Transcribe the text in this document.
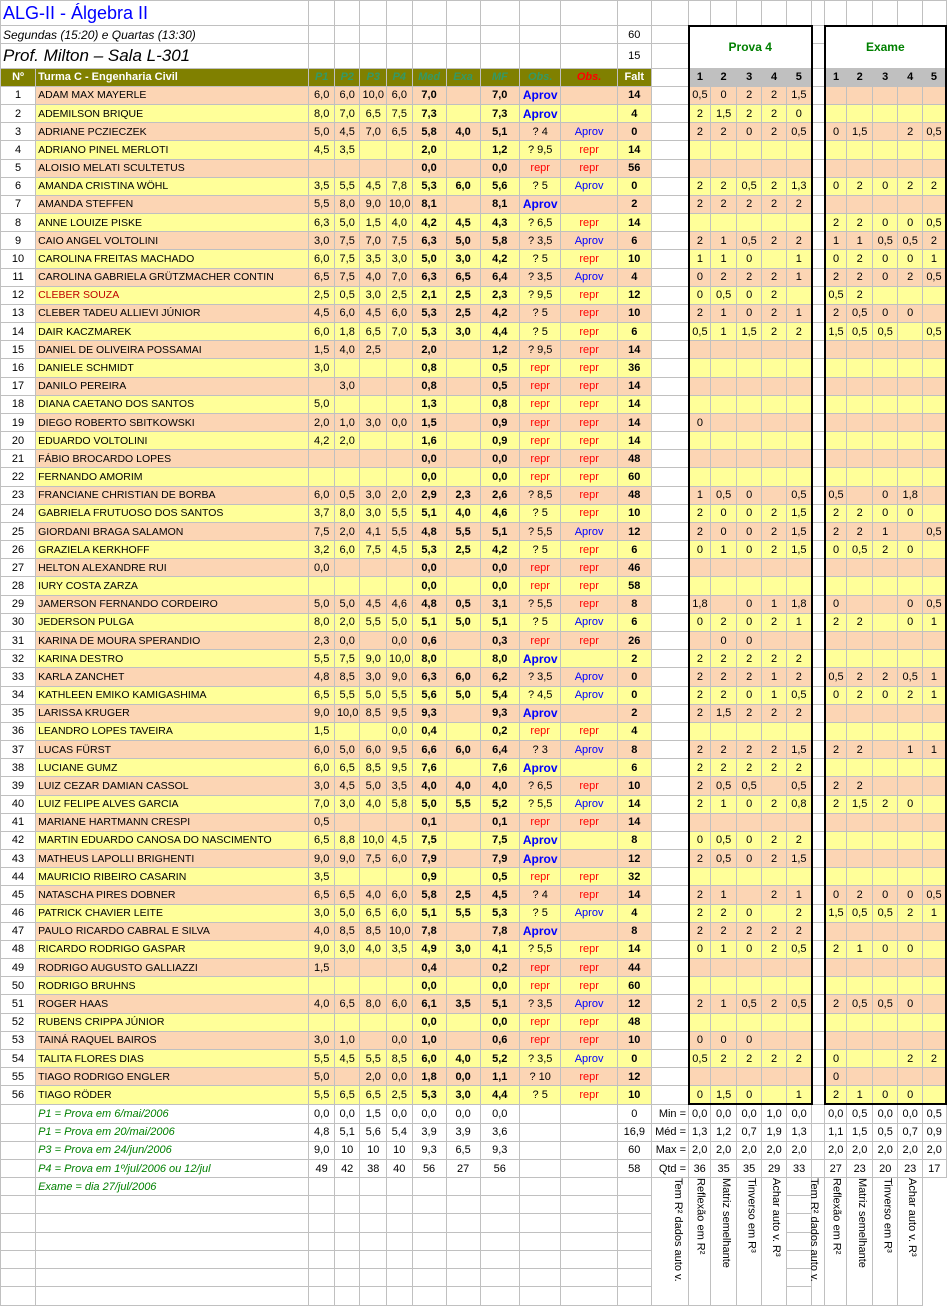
ALG-II - Álgebra II																							
Segundas (15:20) e Quartas (13:30)											60		Prova 4						Exame				
Prof. Milton – Sala L-301											15												
Nº	Turma C - Engenharia Civil	P1	P2	P3	P4	Med	Exa	MF	Obs.	Obs.	Falt		1	2	3	4	5		1	2	3	4	5
1	ADAM MAX MAYERLE	6,0	6,0	10,0	6,0	7,0		7,0	Aprov		14		0,5	0	2	2	1,5						
2	ADEMILSON BRIQUE	8,0	7,0	6,5	7,5	7,3		7,3	Aprov		4		2	1,5	2	2	0						
3	ADRIANE PCZIECZEK	5,0	4,5	7,0	6,5	5,8	4,0	5,1	? 4	Aprov	0		2	2	0	2	0,5		0	1,5		2	0,5
4	ADRIANO PINEL MERLOTI	4,5	3,5			2,0		1,2	? 9,5	repr	14												
5	ALOISIO MELATI SCULTETUS					0,0		0,0	repr	repr	56												
6	AMANDA CRISTINA WÖHL	3,5	5,5	4,5	7,8	5,3	6,0	5,6	? 5	Aprov	0		2	2	0,5	2	1,3		0	2	0	2	2
7	AMANDA STEFFEN	5,5	8,0	9,0	10,0	8,1		8,1	Aprov		2		2	2	2	2	2						
8	ANNE LOUIZE PISKE	6,3	5,0	1,5	4,0	4,2	4,5	4,3	? 6,5	repr	14								2	2	0	0	0,5
9	CAIO ANGEL VOLTOLINI	3,0	7,5	7,0	7,5	6,3	5,0	5,8	? 3,5	Aprov	6		2	1	0,5	2	2		1	1	0,5	0,5	2
10	CAROLINA FREITAS MACHADO	6,0	7,5	3,5	3,0	5,0	3,0	4,2	? 5	repr	10		1	1	0		1		0	2	0	0	1
11	CAROLINA GABRIELA GRÜTZMACHER CONTIN	6,5	7,5	4,0	7,0	6,3	6,5	6,4	? 3,5	Aprov	4		0	2	2	2	1		2	2	0	2	0,5
12	CLEBER SOUZA	2,5	0,5	3,0	2,5	2,1	2,5	2,3	? 9,5	repr	12		0	0,5	0	2			0,5	2			
13	CLEBER TADEU ALLIEVI JÚNIOR	4,5	6,0	4,5	6,0	5,3	2,5	4,2	? 5	repr	10		2	1	0	2	1		2	0,5	0	0	
14	DAIR KACZMAREK	6,0	1,8	6,5	7,0	5,3	3,0	4,4	? 5	repr	6		0,5	1	1,5	2	2		1,5	0,5	0,5		0,5
15	DANIEL DE OLIVEIRA POSSAMAI	1,5	4,0	2,5		2,0		1,2	? 9,5	repr	14												
16	DANIELE SCHMIDT	3,0				0,8		0,5	repr	repr	36												
17	DANILO PEREIRA		3,0			0,8		0,5	repr	repr	14												
18	DIANA CAETANO DOS SANTOS	5,0				1,3		0,8	repr	repr	14												
19	DIEGO ROBERTO SBITKOWSKI	2,0	1,0	3,0	0,0	1,5		0,9	repr	repr	14		0										
20	EDUARDO VOLTOLINI	4,2	2,0			1,6		0,9	repr	repr	14												
21	FÁBIO BROCARDO LOPES					0,0		0,0	repr	repr	48												
22	FERNANDO AMORIM					0,0		0,0	repr	repr	60												
23	FRANCIANE CHRISTIAN DE BORBA	6,0	0,5	3,0	2,0	2,9	2,3	2,6	? 8,5	repr	48		1	0,5	0		0,5		0,5		0	1,8	
24	GABRIELA FRUTUOSO DOS SANTOS	3,7	8,0	3,0	5,5	5,1	4,0	4,6	? 5	repr	10		2	0	0	2	1,5		2	2	0	0	
25	GIORDANI BRAGA SALAMON	7,5	2,0	4,1	5,5	4,8	5,5	5,1	? 5,5	Aprov	12		2	0	0	2	1,5		2	2	1		0,5
26	GRAZIELA KERKHOFF	3,2	6,0	7,5	4,5	5,3	2,5	4,2	? 5	repr	6		0	1	0	2	1,5		0	0,5	2	0	
27	HELTON ALEXANDRE RUI	0,0				0,0		0,0	repr	repr	46												
28	IURY COSTA ZARZA					0,0		0,0	repr	repr	58												
29	JAMERSON FERNANDO CORDEIRO	5,0	5,0	4,5	4,6	4,8	0,5	3,1	? 5,5	repr	8		1,8		0	1	1,8		0			0	0,5
30	JEDERSON PULGA	8,0	2,0	5,5	5,0	5,1	5,0	5,1	? 5	Aprov	6		0	2	0	2	1		2	2		0	1
31	KARINA DE MOURA SPERANDIO	2,3	0,0		0,0	0,6		0,3	repr	repr	26			0	0								
32	KARINA DESTRO	5,5	7,5	9,0	10,0	8,0		8,0	Aprov		2		2	2	2	2	2						
33	KARLA ZANCHET	4,8	8,5	3,0	9,0	6,3	6,0	6,2	? 3,5	Aprov	0		2	2	2	1	2		0,5	2	2	0,5	1
34	KATHLEEN EMIKO KAMIGASHIMA	6,5	5,5	5,0	5,5	5,6	5,0	5,4	? 4,5	Aprov	0		2	2	0	1	0,5		0	2	0	2	1
35	LARISSA KRUGER	9,0	10,0	8,5	9,5	9,3		9,3	Aprov		2		2	1,5	2	2	2						
36	LEANDRO LOPES TAVEIRA	1,5			0,0	0,4		0,2	repr	repr	4												
37	LUCAS FÜRST	6,0	5,0	6,0	9,5	6,6	6,0	6,4	? 3	Aprov	8		2	2	2	2	1,5		2	2		1	1
38	LUCIANE GUMZ	6,0	6,5	8,5	9,5	7,6		7,6	Aprov		6		2	2	2	2	2						
39	LUIZ CEZAR DAMIAN CASSOL	3,0	4,5	5,0	3,5	4,0	4,0	4,0	? 6,5	repr	10		2	0,5	0,5		0,5		2	2			
40	LUIZ FELIPE ALVES GARCIA	7,0	3,0	4,0	5,8	5,0	5,5	5,2	? 5,5	Aprov	14		2	1	0	2	0,8		2	1,5	2	0	
41	MARIANE HARTMANN CRESPI	0,5				0,1		0,1	repr	repr	14												
42	MARTIN EDUARDO CANOSA DO NASCIMENTO	6,5	8,8	10,0	4,5	7,5		7,5	Aprov		8		0	0,5	0	2	2						
43	MATHEUS LAPOLLI BRIGHENTI	9,0	9,0	7,5	6,0	7,9		7,9	Aprov		12		2	0,5	0	2	1,5						
44	MAURICIO RIBEIRO CASARIN	3,5				0,9		0,5	repr	repr	32												
45	NATASCHA PIRES DOBNER	6,5	6,5	4,0	6,0	5,8	2,5	4,5	? 4	repr	14		2	1		2	1		0	2	0	0	0,5
46	PATRICK CHAVIER LEITE	3,0	5,0	6,5	6,0	5,1	5,5	5,3	? 5	Aprov	4		2	2	0		2		1,5	0,5	0,5	2	1
47	PAULO RICARDO CABRAL E SILVA	4,0	8,5	8,5	10,0	7,8		7,8	Aprov		8		2	2	2	2	2						
48	RICARDO RODRIGO GASPAR	9,0	3,0	4,0	3,5	4,9	3,0	4,1	? 5,5	repr	14		0	1	0	2	0,5		2	1	0	0	
49	RODRIGO AUGUSTO GALLIAZZI	1,5				0,4		0,2	repr	repr	44												
50	RODRIGO BRUHNS					0,0		0,0	repr	repr	60												
51	ROGER HAAS	4,0	6,5	8,0	6,0	6,1	3,5	5,1	? 3,5	Aprov	12		2	1	0,5	2	0,5		2	0,5	0,5	0	
52	RUBENS CRIPPA JÚNIOR					0,0		0,0	repr	repr	48												
53	TAINÁ RAQUEL BAIROS	3,0	1,0		0,0	1,0		0,6	repr	repr	10		0	0	0								
54	TALITA FLORES DIAS	5,5	4,5	5,5	8,5	6,0	4,0	5,2	? 3,5	Aprov	0		0,5	2	2	2	2		0			2	2
55	TIAGO RODRIGO ENGLER	5,0		2,0	0,0	1,8	0,0	1,1	? 10	repr	12								0				
56	TIAGO RÖDER	5,5	6,5	6,5	2,5	5,3	3,0	4,4	? 5	repr	10		0	1,5	0		1		2	1	0	0	
	P1 = Prova em 6/mai/2006	0,0	0,0	1,5	0,0	0,0	0,0	0,0			0	Min =	0,0	0,0	0,0	1,0	0,0		0,0	0,5	0,0	0,0	0,5
	P1 = Prova em 20/mai/2006	4,8	5,1	5,6	5,4	3,9	3,9	3,6			16,9	Méd =	1,3	1,2	0,7	1,9	1,3		1,1	1,5	0,5	0,7	0,9
	P3 = Prova em 24/jun/2006	9,0	10	10	10	9,3	6,5	9,3			60	Max =	2,0	2,0	2,0	2,0	2,0		2,0	2,0	2,0	2,0	2,0
	P4 = Prova em 1º/jul/2006 ou 12/jul	49	42	38	40	56	27	56			58	Qtd =	36	35	35	29	33		27	23	20	23	17
	Exame = dia 27/jul/2006											Tem R² dados auto v.	Reflexão em R²	Matriz semelhante	Tinverso em R³	Achar auto v. R³		Tem R² dados auto v.	Reflexão em R²	Matriz semelhante	Tinverso em R³	Achar auto v. R³	
